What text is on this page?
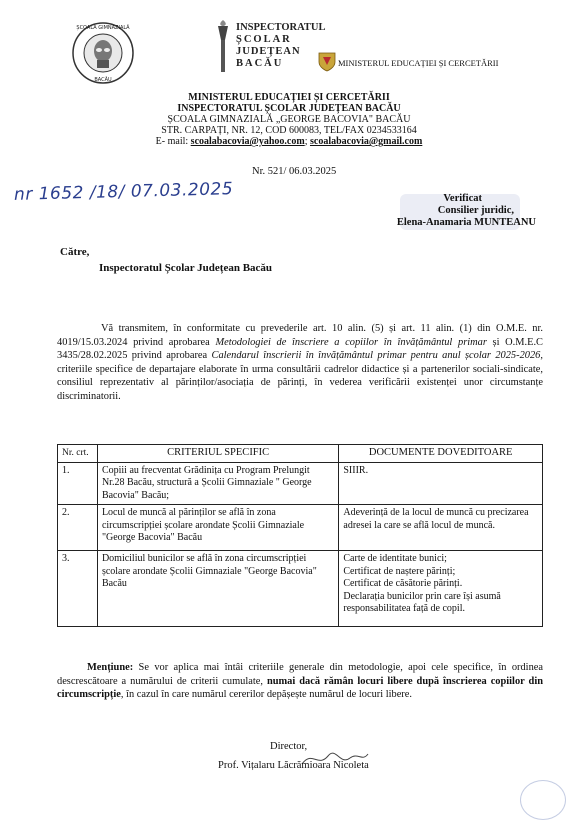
ȘCOALA GIMNAZIALĂ
BACĂU
INSPECTORATUL
ȘCOLAR
JUDEȚEAN
BACĂU	MINISTERUL EDUCAȚIEI ȘI CERCETĂRII
MINISTERUL EDUCAȚIEI ȘI CERCETĂRII
INSPECTORATUL ȘCOLAR JUDEȚEAN BACĂU
ȘCOALA GIMNAZIALĂ „GEORGE BACOVIA" BACĂU
STR. CARPAȚI, NR. 12, COD 600083, TEL/FAX 0234533164
E- mail: scoalabacovia@yahoo.com; scoalabacovia@gmail.com
Nr. 521/ 06.03.2025
nr 1652 /18/ 07.03.2025	Verificat
Consilier juridic,
Elena-Anamaria MUNTEANU
Către,
Inspectoratul Școlar Județean Bacău
Vă transmitem, în conformitate cu prevederile art. 10 alin. (5) și art. 11 alin. (1) din O.M.E. nr. 4019/15.03.2024 privind aprobarea Metodologiei de înscriere a copiilor în învățământul primar și O.M.E.C 3435/28.02.2025 privind aprobarea Calendarul înscrierii în învățământul primar pentru anul școlar 2025-2026, criteriile specifice de departajare elaborate în urma consultării cadrelor didactice și a partenerilor sociali-sindicate, consiliul reprezentativ al părinților/asociația de părinți, în vederea verificării existenței unor circumstanțe discriminatorii.
Nr. crt.	CRITERIUL SPECIFIC	DOCUMENTE DOVEDITOARE
1.	Copiii au frecventat Grădinița cu Program Prelungit Nr.28 Bacău, structură a Școlii Gimnaziale " George Bacovia" Bacău;	SIIIR.
2.	Locul de muncă al părinților se află în zona circumscripției școlare arondate Școlii Gimnaziale "George Bacovia" Bacău	Adeverință de la locul de muncă cu precizarea adresei la care se află locul de muncă.
3.	Domiciliul bunicilor se află în zona circumscripției școlare arondate Școlii Gimnaziale "George Bacovia" Bacău	Carte de identitate bunici;
Certificat de naștere părinți;
Certificat de căsătorie părinți.
Declarația bunicilor prin care își asumă responsabilitatea față de copil.
Mențiune: Se vor aplica mai întâi criteriile generale din metodologie, apoi cele specifice, în ordinea descrescătoare a numărului de criterii cumulate, numai dacă rămân locuri libere după înscrierea copiilor din circumscripție, în cazul în care numărul cererilor depășește numărul de locuri libere.
Director,
Prof. Vițalaru Lăcrămioara Nicoleta
